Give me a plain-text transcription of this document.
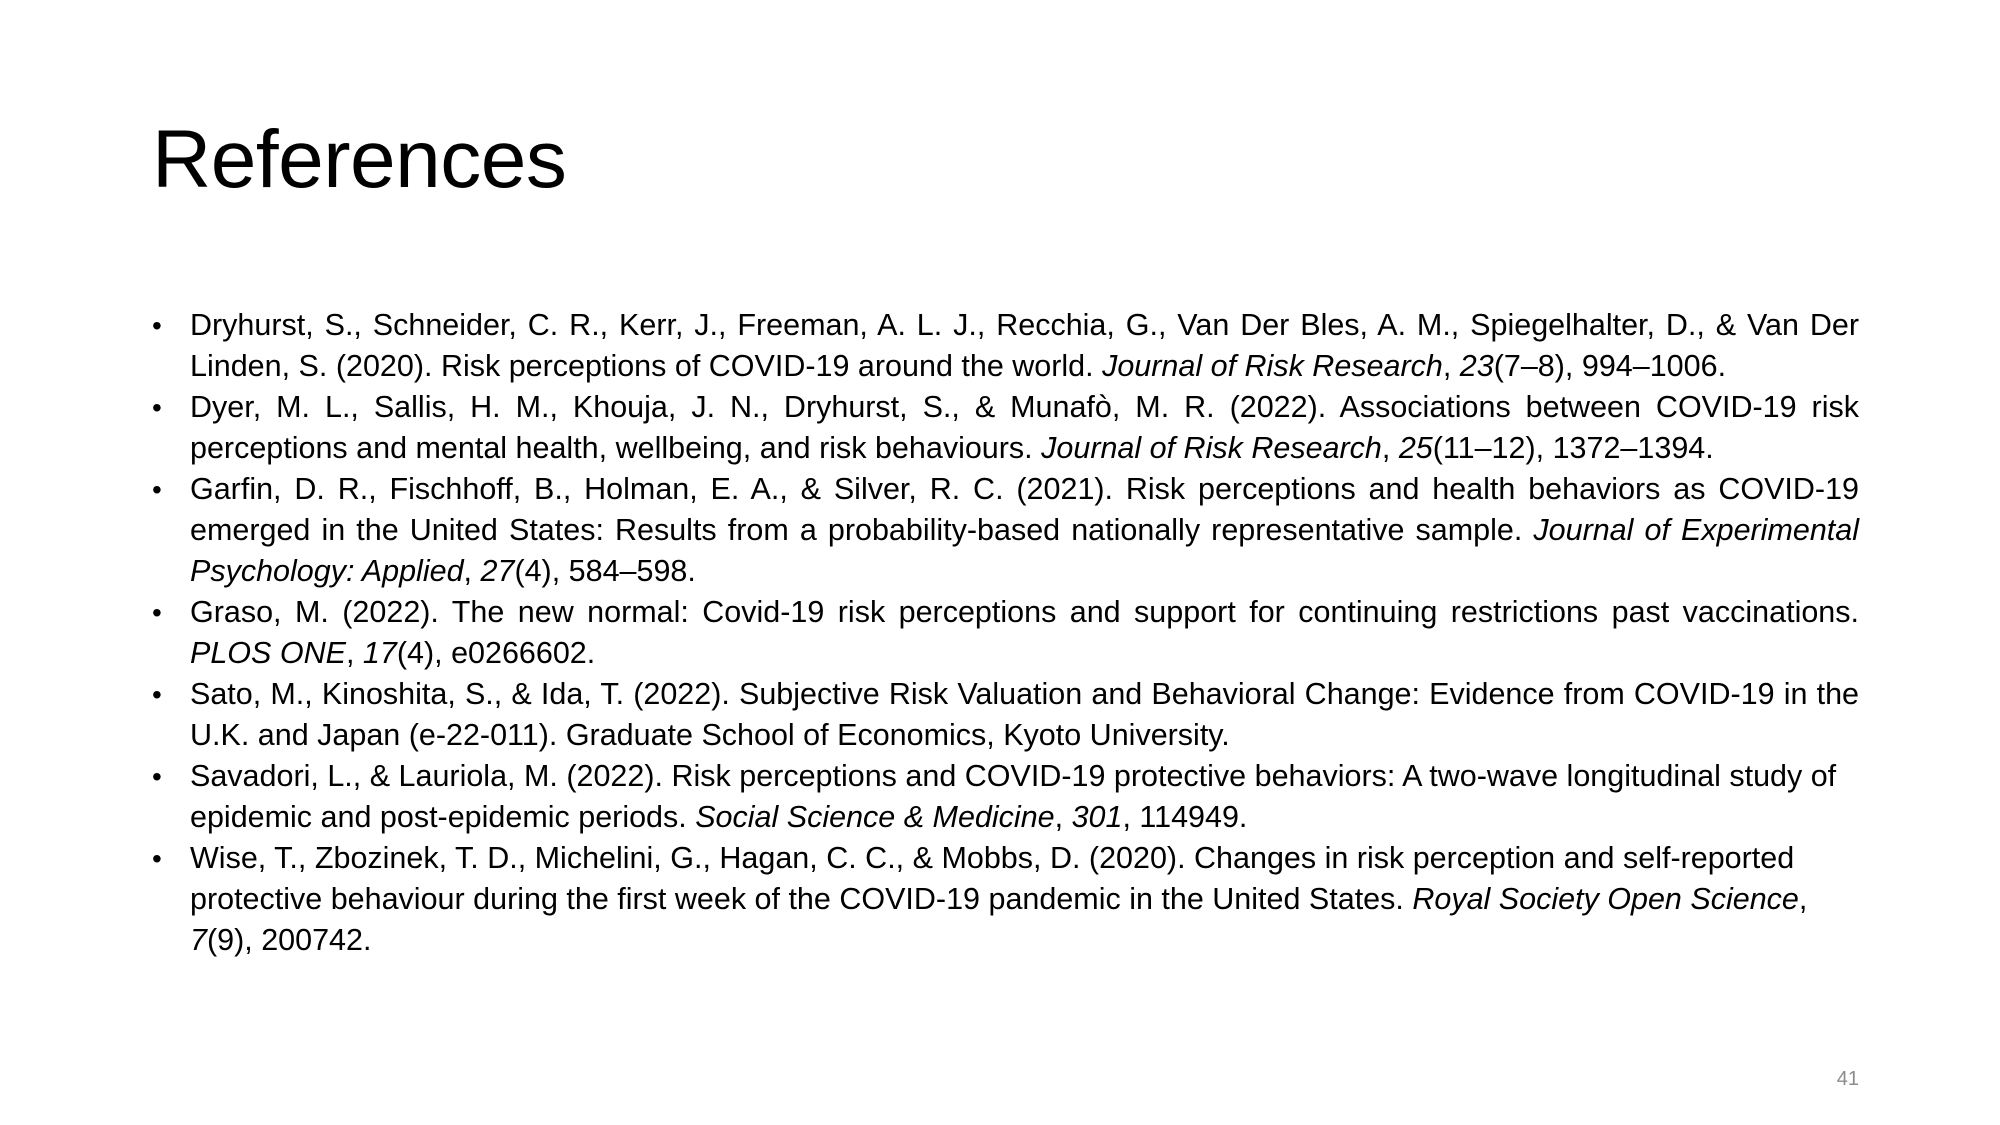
References
• Dryhurst, S., Schneider, C. R., Kerr, J., Freeman, A. L. J., Recchia, G., Van Der Bles, A. M., Spiegelhalter, D., & Van Der Linden, S. (2020). Risk perceptions of COVID-19 around the world. Journal of Risk Research, 23(7–8), 994–1006.
• Dyer, M. L., Sallis, H. M., Khouja, J. N., Dryhurst, S., & Munafò, M. R. (2022). Associations between COVID-19 risk perceptions and mental health, wellbeing, and risk behaviours. Journal of Risk Research, 25(11–12), 1372–1394.
• Garfin, D. R., Fischhoff, B., Holman, E. A., & Silver, R. C. (2021). Risk perceptions and health behaviors as COVID-19 emerged in the United States: Results from a probability-based nationally representative sample. Journal of Experimental Psychology: Applied, 27(4), 584–598.
• Graso, M. (2022). The new normal: Covid-19 risk perceptions and support for continuing restrictions past vaccinations. PLOS ONE, 17(4), e0266602.
• Sato, M., Kinoshita, S., & Ida, T. (2022). Subjective Risk Valuation and Behavioral Change: Evidence from COVID-19 in the U.K. and Japan (e-22-011). Graduate School of Economics, Kyoto University.
• Savadori, L., & Lauriola, M. (2022). Risk perceptions and COVID-19 protective behaviors: A two-wave longitudinal study of epidemic and post-epidemic periods. Social Science & Medicine, 301, 114949.
• Wise, T., Zbozinek, T. D., Michelini, G., Hagan, C. C., & Mobbs, D. (2020). Changes in risk perception and self-reported protective behaviour during the first week of the COVID-19 pandemic in the United States. Royal Society Open Science, 7(9), 200742.
41
